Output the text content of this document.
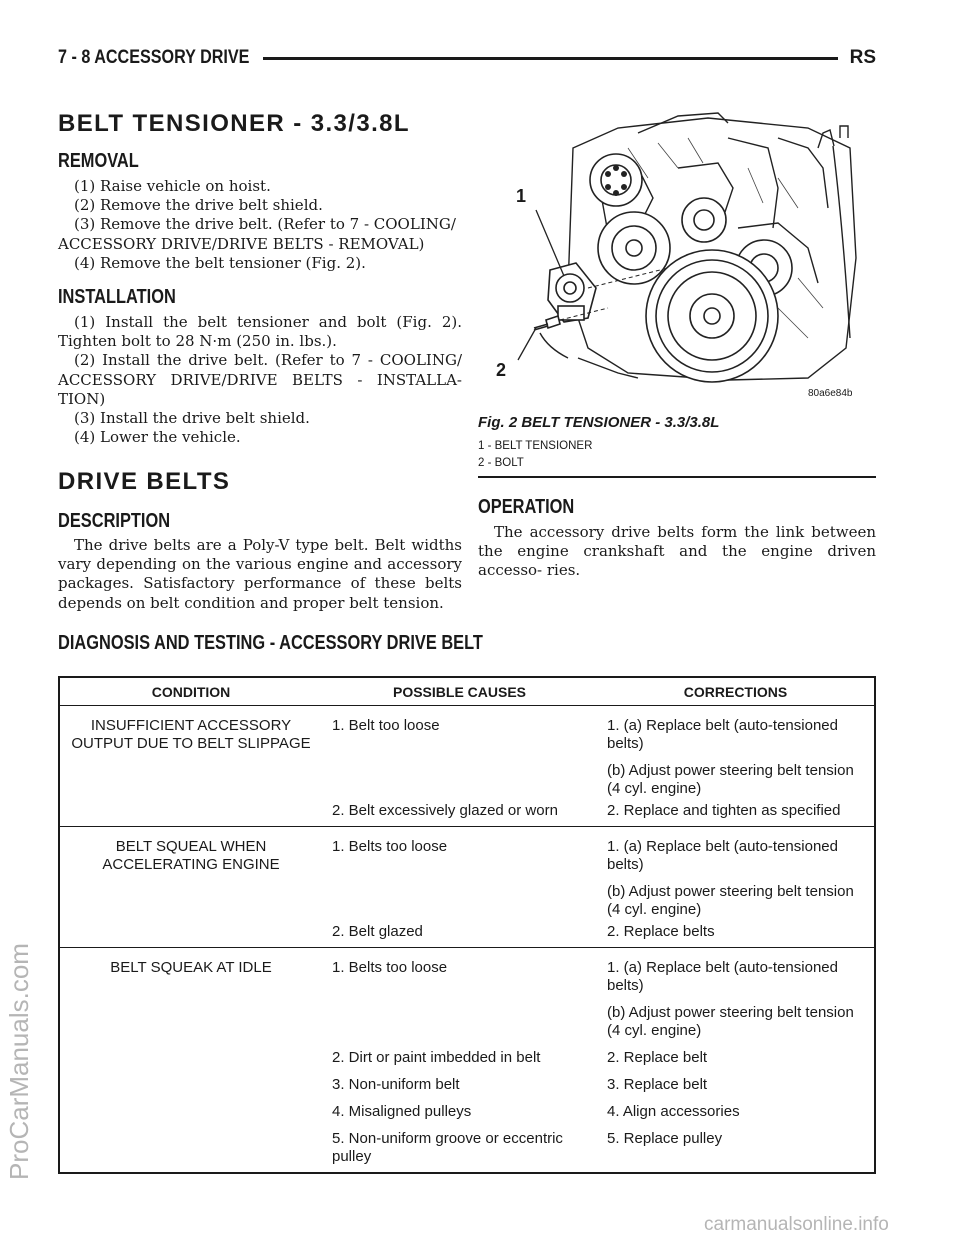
7 - 8 ACCESSORY DRIVE	RS
BELT TENSIONER - 3.3/3.8L
REMOVAL

(1) Raise vehicle on hoist.

(2) Remove the drive belt shield.

(3) Remove the drive belt. (Refer to 7 - COOLING/ ACCESSORY DRIVE/DRIVE BELTS - REMOVAL)

(4) Remove the belt tensioner (Fig. 2).

INSTALLATION

(1) Install the belt tensioner and bolt (Fig. 2). Tighten bolt to 28 N·m (250 in. lbs.).

(2) Install the drive belt. (Refer to 7 - COOLING/ ACCESSORY DRIVE/DRIVE BELTS - INSTALLA- TION)

(3) Install the drive belt shield.

(4) Lower the vehicle.

1
2
80a6e84b
Fig. 2 BELT TENSIONER - 3.3/3.8L
1 - BELT TENSIONER
2 - BOLT
DRIVE BELTS
DESCRIPTION

The drive belts are a Poly-V type belt. Belt widths vary depending on the various engine and accessory packages. Satisfactory performance of these belts depends on belt condition and proper belt tension.

OPERATION

The accessory drive belts form the link between the engine crankshaft and the engine driven accesso- ries.

DIAGNOSIS AND TESTING - ACCESSORY DRIVE BELT
CONDITION	POSSIBLE CAUSES	CORRECTIONS
INSUFFICIENT ACCESSORY OUTPUT DUE TO BELT SLIPPAGE	1. Belt too loose	1. (a) Replace belt (auto-tensioned belts)
		(b) Adjust power steering belt tension (4 cyl. engine)
	2. Belt excessively glazed or worn	2. Replace and tighten as specified
BELT SQUEAL WHEN ACCELERATING ENGINE	1. Belts too loose	1. (a) Replace belt (auto-tensioned belts)
		(b) Adjust power steering belt tension (4 cyl. engine)
	2. Belt glazed	2. Replace belts
BELT SQUEAK AT IDLE	1. Belts too loose	1. (a) Replace belt (auto-tensioned belts)
		(b) Adjust power steering belt tension (4 cyl. engine)
	2. Dirt or paint imbedded in belt	2. Replace belt
	3. Non-uniform belt	3. Replace belt
	4. Misaligned pulleys	4. Align accessories
	5. Non-uniform groove or eccentric pulley	5. Replace pulley
ProCarManuals.com
carmanualsonline.info
